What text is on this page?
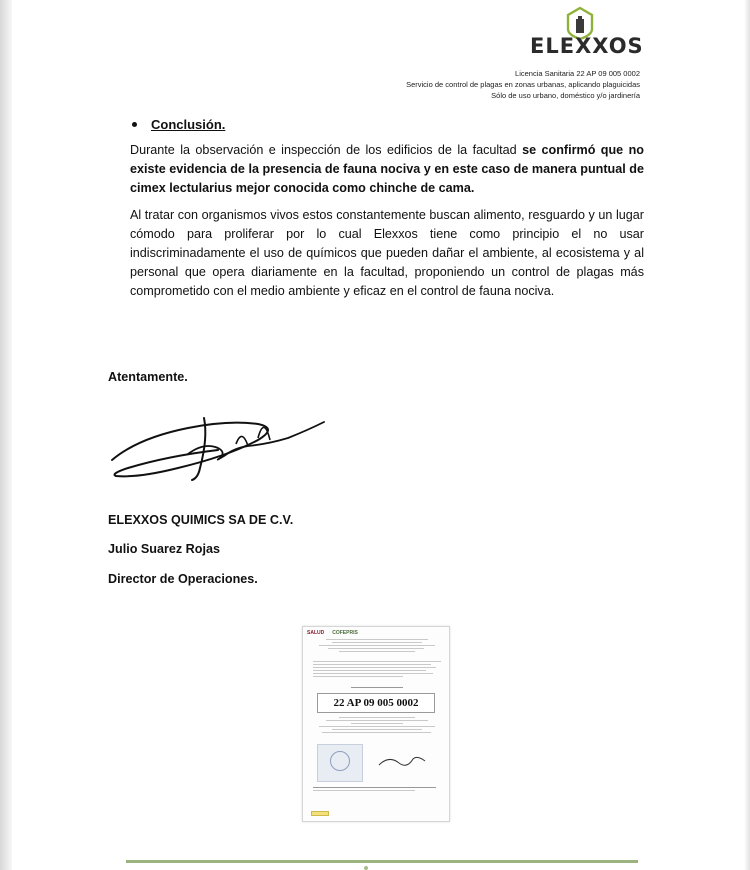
ELEXXOS
Licencia Sanitaria 22 AP 09 005 0002
Servicio de control de plagas en zonas urbanas, aplicando plaguicidas
Sólo de uso urbano, doméstico y/o jardinería
Conclusión.

Durante la observación e inspección de los edificios de la facultad se confirmó que no existe evidencia de la presencia de fauna nociva y en este caso de manera puntual de cimex lectularius mejor conocida como chinche de cama.

Al tratar con organismos vivos estos constantemente buscan alimento, resguardo y un lugar cómodo para proliferar por lo cual Elexxos tiene como principio el no usar indiscriminadamente el uso de químicos que pueden dañar el ambiente, al ecosistema y al personal que opera diariamente en la facultad, proponiendo un control de plagas más comprometido con el medio ambiente y eficaz en el control de fauna nociva.

Atentamente.
ELEXXOS QUIMICS SA DE C.V.
Julio Suarez Rojas
Director de Operaciones.
SALUD COFEPRIS
22 AP 09 005 0002
